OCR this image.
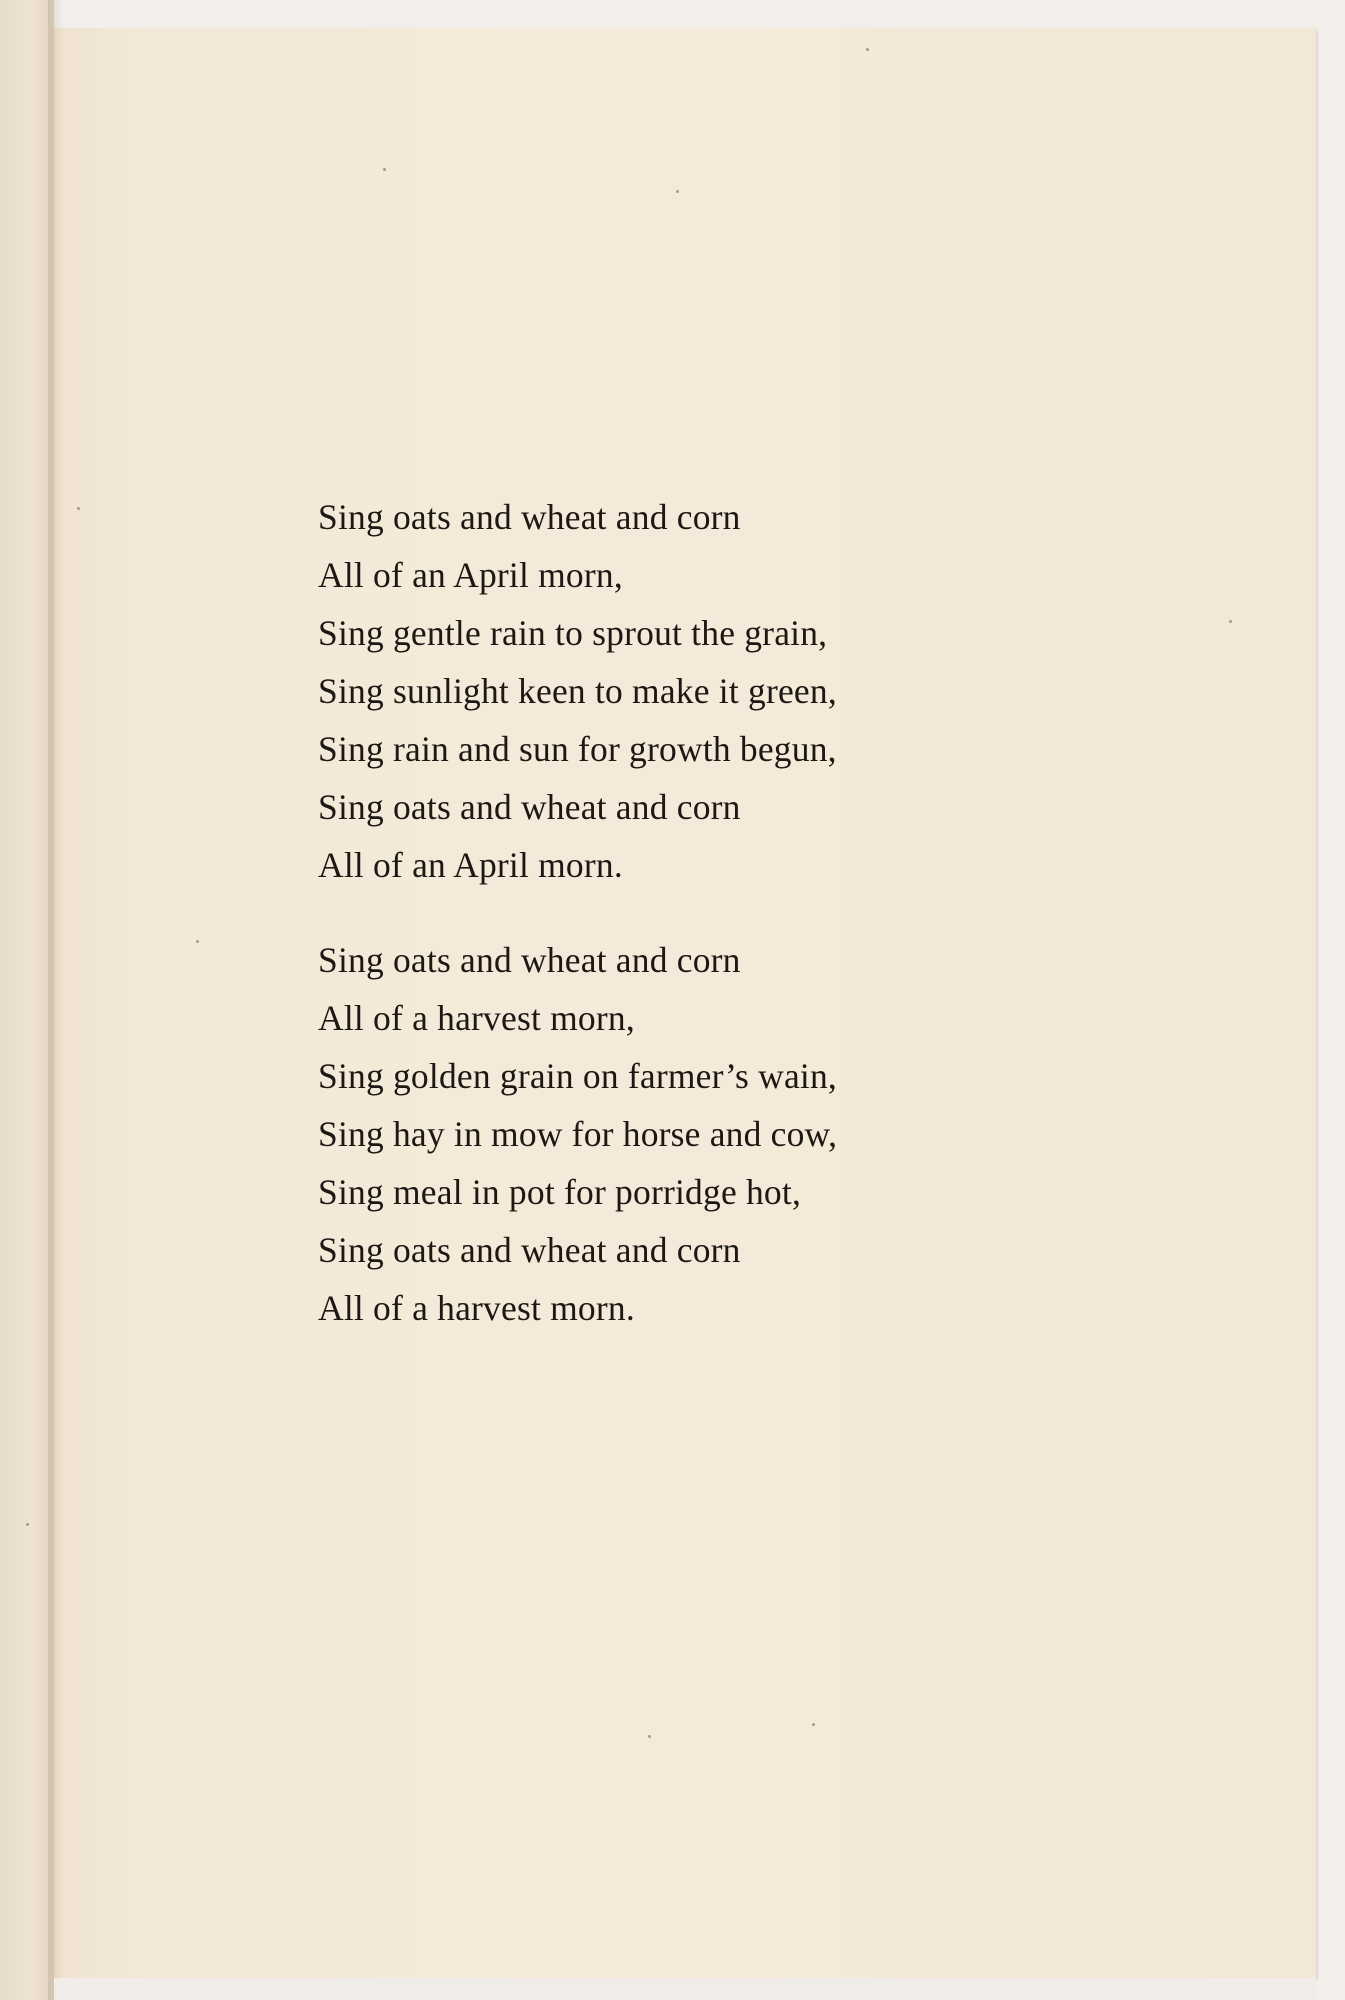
Sing oats and wheat and corn
All of an April morn,
Sing gentle rain to sprout the grain,
Sing sunlight keen to make it green,
Sing rain and sun for growth begun,
Sing oats and wheat and corn
All of an April morn.
Sing oats and wheat and corn
All of a harvest morn,
Sing golden grain on farmer’s wain,
Sing hay in mow for horse and cow,
Sing meal in pot for porridge hot,
Sing oats and wheat and corn
All of a harvest morn.
